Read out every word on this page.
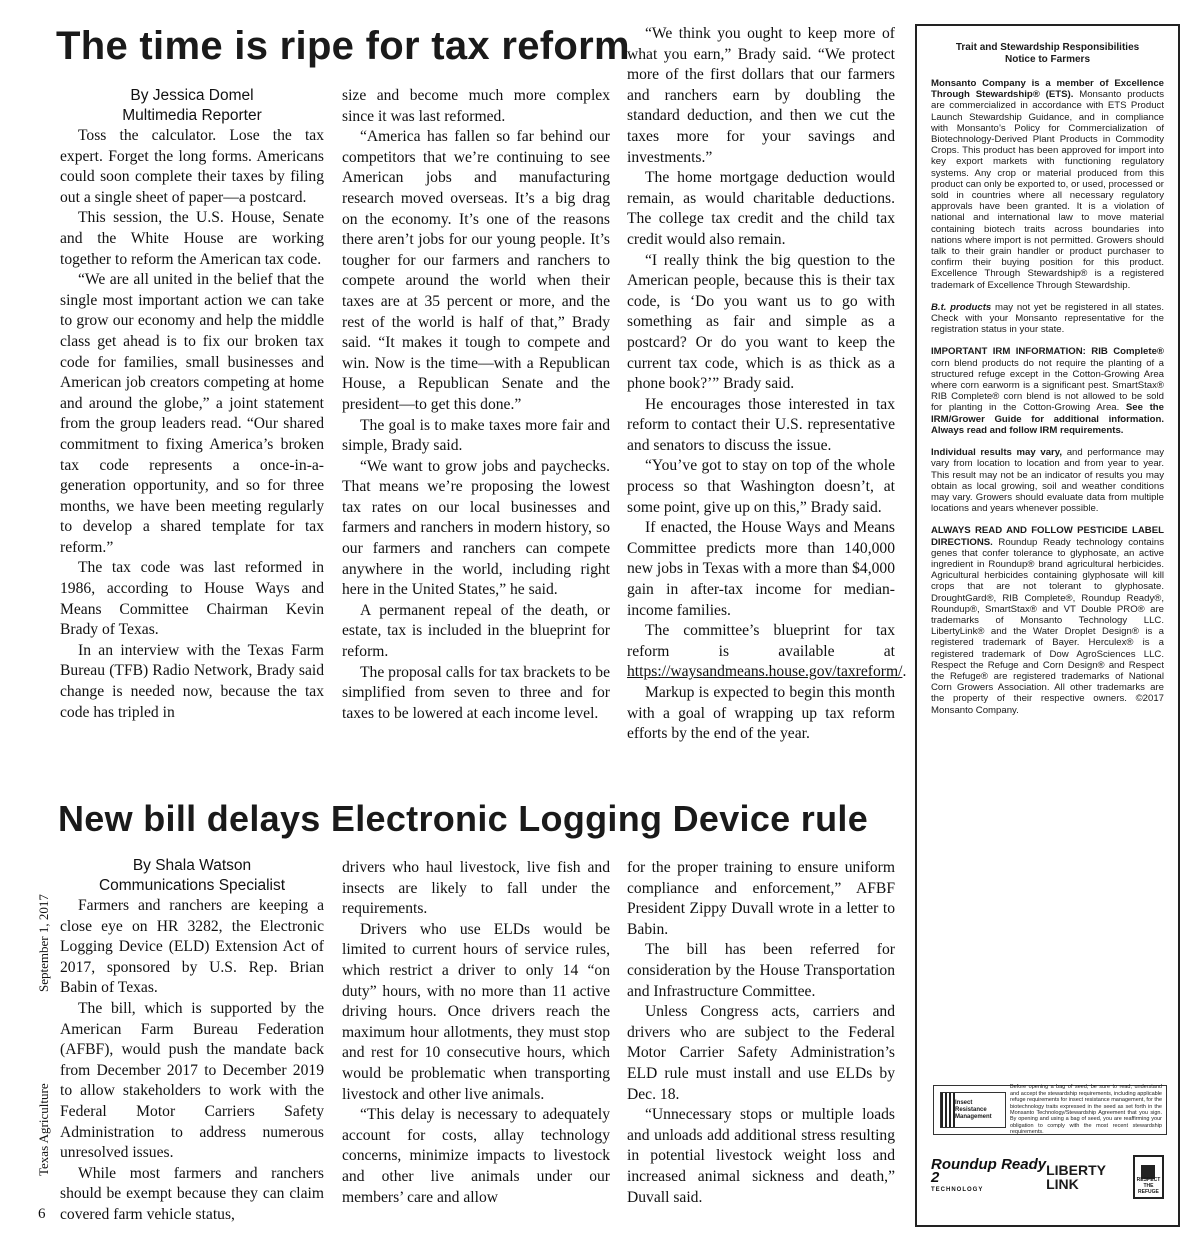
The time is ripe for tax reform
By Jessica Domel
Multimedia Reporter

Toss the calculator. Lose the tax expert. Forget the long forms. Americans could soon complete their taxes by filing out a single sheet of paper—a postcard.

This session, the U.S. House, Senate and the White House are working together to reform the American tax code.

“We are all united in the belief that the single most important action we can take to grow our economy and help the middle class get ahead is to fix our broken tax code for families, small businesses and American job creators competing at home and around the globe,” a joint statement from the group leaders read. “Our shared commitment to fixing America’s broken tax code represents a once-in-a-generation opportunity, and so for three months, we have been meeting regularly to develop a shared template for tax reform.”

The tax code was last reformed in 1986, according to House Ways and Means Committee Chairman Kevin Brady of Texas.

In an interview with the Texas Farm Bureau (TFB) Radio Network, Brady said change is needed now, because the tax code has tripled in

size and become much more complex since it was last reformed.

“America has fallen so far behind our competitors that we’re continuing to see American jobs and manufacturing research moved overseas. It’s a big drag on the economy. It’s one of the reasons there aren’t jobs for our young people. It’s tougher for our farmers and ranchers to compete around the world when their taxes are at 35 percent or more, and the rest of the world is half of that,” Brady said. “It makes it tough to compete and win. Now is the time—with a Republican House, a Republican Senate and the president—to get this done.”

The goal is to make taxes more fair and simple, Brady said.

“We want to grow jobs and paychecks. That means we’re proposing the lowest tax rates on our local businesses and farmers and ranchers in modern history, so our farmers and ranchers can compete anywhere in the world, including right here in the United States,” he said.

A permanent repeal of the death, or estate, tax is included in the blueprint for reform.

The proposal calls for tax brackets to be simplified from seven to three and for taxes to be lowered at each income level.

“We think you ought to keep more of what you earn,” Brady said. “We protect more of the first dollars that our farmers and ranchers earn by doubling the standard deduction, and then we cut the taxes more for your savings and investments.”

The home mortgage deduction would remain, as would charitable deductions. The college tax credit and the child tax credit would also remain.

“I really think the big question to the American people, because this is their tax code, is ‘Do you want us to go with something as fair and simple as a postcard? Or do you want to keep the current tax code, which is as thick as a phone book?’” Brady said.

He encourages those interested in tax reform to contact their U.S. representative and senators to discuss the issue.

“You’ve got to stay on top of the whole process so that Washington doesn’t, at some point, give up on this,” Brady said.

If enacted, the House Ways and Means Committee predicts more than 140,000 new jobs in Texas with a more than $4,000 gain in after-tax income for median-income families.

The committee’s blueprint for tax reform is available at https://waysandmeans.house.gov/taxreform/.

Markup is expected to begin this month with a goal of wrapping up tax reform efforts by the end of the year.

New bill delays Electronic Logging Device rule
By Shala Watson
Communications Specialist

Farmers and ranchers are keeping a close eye on HR 3282, the Electronic Logging Device (ELD) Extension Act of 2017, sponsored by U.S. Rep. Brian Babin of Texas.

The bill, which is supported by the American Farm Bureau Federation (AFBF), would push the mandate back from December 2017 to December 2019 to allow stakeholders to work with the Federal Motor Carriers Safety Administration to address numerous unresolved issues.

While most farmers and ranchers should be exempt because they can claim covered farm vehicle status,

drivers who haul livestock, live fish and insects are likely to fall under the requirements.

Drivers who use ELDs would be limited to current hours of service rules, which restrict a driver to only 14 “on duty” hours, with no more than 11 active driving hours. Once drivers reach the maximum hour allotments, they must stop and rest for 10 consecutive hours, which would be problematic when transporting livestock and other live animals.

“This delay is necessary to adequately account for costs, allay technology concerns, minimize impacts to livestock and other live animals under our members’ care and allow

for the proper training to ensure uniform compliance and enforcement,” AFBF President Zippy Duvall wrote in a letter to Babin.

The bill has been referred for consideration by the House Transportation and Infrastructure Committee.

Unless Congress acts, carriers and drivers who are subject to the Federal Motor Carrier Safety Administration’s ELD rule must install and use ELDs by Dec. 18.

“Unnecessary stops or multiple loads and unloads add additional stress resulting in potential livestock weight loss and increased animal sickness and death,” Duvall said.

September 1, 2017
Texas Agriculture
6
Trait and Stewardship Responsibilities
Notice to Farmers

Monsanto Company is a member of Excellence Through Stewardship® (ETS). Monsanto products are commercialized in accordance with ETS Product Launch Stewardship Guidance, and in compliance with Monsanto’s Policy for Commercialization of Biotechnology-Derived Plant Products in Commodity Crops. This product has been approved for import into key export markets with functioning regulatory systems. Any crop or material produced from this product can only be exported to, or used, processed or sold in countries where all necessary regulatory approvals have been granted. It is a violation of national and international law to move material containing biotech traits across boundaries into nations where import is not permitted. Growers should talk to their grain handler or product purchaser to confirm their buying position for this product. Excellence Through Stewardship® is a registered trademark of Excellence Through Stewardship.

B.t. products may not yet be registered in all states. Check with your Monsanto representative for the registration status in your state.

IMPORTANT IRM INFORMATION: RIB Complete® corn blend products do not require the planting of a structured refuge except in the Cotton-Growing Area where corn earworm is a significant pest. SmartStax® RIB Complete® corn blend is not allowed to be sold for planting in the Cotton-Growing Area. See the IRM/Grower Guide for additional information. Always read and follow IRM requirements.

Individual results may vary, and performance may vary from location to location and from year to year. This result may not be an indicator of results you may obtain as local growing, soil and weather conditions may vary. Growers should evaluate data from multiple locations and years whenever possible.

ALWAYS READ AND FOLLOW PESTICIDE LABEL DIRECTIONS. Roundup Ready technology contains genes that confer tolerance to glyphosate, an active ingredient in Roundup® brand agricultural herbicides. Agricultural herbicides containing glyphosate will kill crops that are not tolerant to glyphosate. DroughtGard®, RIB Complete®, Roundup Ready®, Roundup®, SmartStax® and VT Double PRO® are trademarks of Monsanto Technology LLC. LibertyLink® and the Water Droplet Design® is a registered trademark of Bayer. Herculex® is a registered trademark of Dow AgroSciences LLC. Respect the Refuge and Corn Design® and Respect the Refuge® are registered trademarks of National Corn Growers Association. All other trademarks are the property of their respective owners. ©2017 Monsanto Company.

Insect Resistance Management
Before opening a bag of seed, be sure to read, understand and accept the stewardship requirements, including applicable refuge requirements for insect resistance management, for the biotechnology traits expressed in the seed as set forth in the Monsanto Technology/Stewardship Agreement that you sign. By opening and using a bag of seed, you are reaffirming your obligation to comply with the most recent stewardship requirements.
Roundup Ready 2
TECHNOLOGY
LIBERTY LINK	RESPECT THE REFUGE
